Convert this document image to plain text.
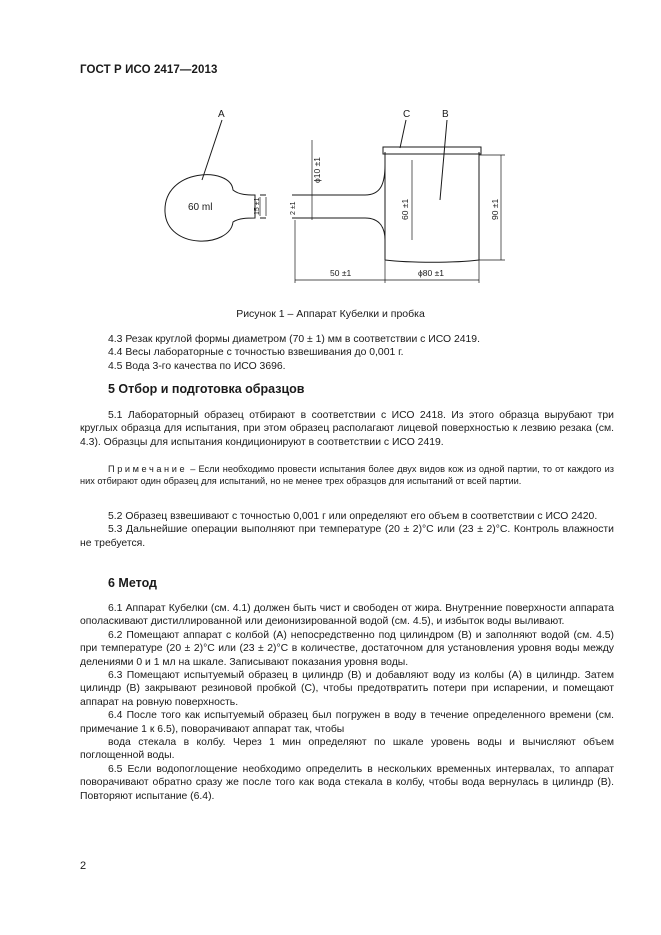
ГОСТ Р ИСО 2417—2013
A	C	B
60 ml	15 ±1	2 ±1
ϕ10 ±1
60 ±1	90 ±1
50 ±1	ϕ80 ±1
Рисунок 1 – Аппарат Кубелки и пробка

4.3 Резак круглой формы диаметром (70 ± 1) мм в соответствии с ИСО 2419.

4.4 Весы лабораторные с точностью взвешивания до 0,001 г.

4.5 Вода 3-го качества по ИСО 3696.

5 Отбор и подготовка образцов

5.1 Лабораторный образец отбирают в соответствии с ИСО 2418. Из этого образца вырубают три круглых образца для испытания, при этом образец располагают лицевой поверхностью к лезвию резака (см. 4.3). Образцы для испытания кондиционируют в соответствии с ИСО 2419.

Примечание – Если необходимо провести испытания более двух видов кож из одной партии, то от каждого из них отбирают один образец для испытаний, но не менее трех образцов для испытаний от всей партии.

5.2 Образец взвешивают с точностью 0,001 г или определяют его объем в соответствии с ИСО 2420.

5.3 Дальнейшие операции выполняют при температуре (20 ± 2)°С или (23 ± 2)°С. Контроль влажности не требуется.

6 Метод

6.1 Аппарат Кубелки (см. 4.1) должен быть чист и свободен от жира. Внутренние поверхности аппарата ополаскивают дистиллированной или деионизированной водой (см. 4.5), и избыток воды выливают.

6.2 Помещают аппарат с колбой (А) непосредственно под цилиндром (В) и заполняют водой (см. 4.5) при температуре (20 ± 2)°С или (23 ± 2)°С в количестве, достаточном для установления уровня воды между делениями 0 и 1 мл на шкале. Записывают показания уровня воды.

6.3 Помещают испытуемый образец в цилиндр (В) и добавляют воду из колбы (А) в цилиндр. Затем цилиндр (В) закрывают резиновой пробкой (С), чтобы предотвратить потери при испарении, и помещают аппарат на ровную поверхность.

6.4 После того как испытуемый образец был погружен в воду в течение определенного времени (см. примечание 1 к 6.5), поворачивают аппарат так, чтобы

вода стекала в колбу. Через 1 мин определяют по шкале уровень воды и вычисляют объем поглощенной воды.

6.5 Если водопоглощение необходимо определить в нескольких временных интервалах, то аппарат поворачивают обратно сразу же после того как вода стекала в колбу, чтобы вода вернулась в цилиндр (В). Повторяют испытание (6.4).

2
